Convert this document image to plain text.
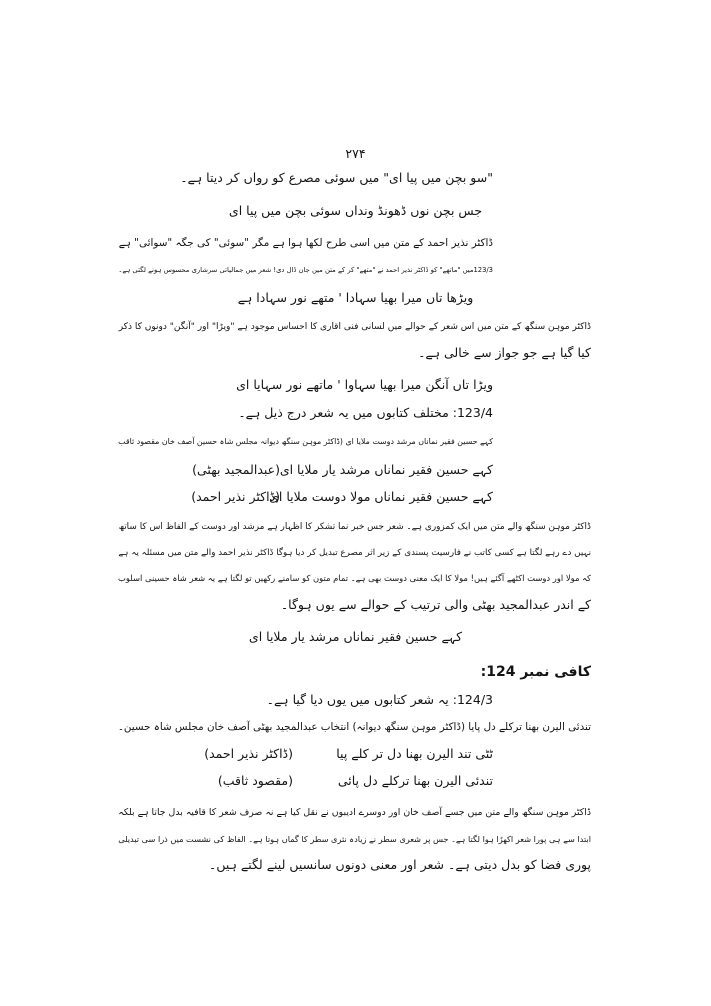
۲۷۴
"سو بچن میں پیا ای" میں سوئی مصرع کو رواں کر دیتا ہے۔
جس بچن نوں ڈھونڈ ونداں سوئی بچن میں پیا ای
ڈاکٹر نذیر احمد کے متن میں اسی طرح لکھا ہوا ہے مگر "سوئی" کی جگہ "سوائی" ہے
123/3میں "ماتھے" کو ڈاکٹر نذیر احمد نے "متھے" کر کے متن میں جان ڈال دی! شعر میں جمالیاتی سرشاری محسوس ہونے لگتی ہے۔
ویڑھا تاں میرا بھیا سہادا ' متھے نور سہادا ہے
ڈاکٹر موہن سنگھ کے متن میں اس شعر کے حوالے میں لسانی فنی اقاری کا احساس موجود ہے "ویڑا" اور "آنگن" دونوں کا ذکر
کیا گیا ہے جو جواز سے خالی ہے۔
ویڑا تاں آنگن میرا بھیا سہاوا ' ماتھے نور سہایا ای
123/4: مختلف کتابوں میں یہ شعر درج ذیل ہے۔
کہے حسین فقیر نماناں مرشد دوست ملایا ای (ڈاکٹر موہن سنگھ دیوانہ مجلس شاہ حسین آصف خان مقصود ثاقب
کہے حسین فقیر نماناں مرشد یار ملایا ای
(عبدالمجید بھٹی)
کہے حسین فقیر نماناں مولا دوست ملایا ای
(ڈاکٹر نذیر احمد)
ڈاکٹر موہن سنگھ والے متن میں ایک کمزوری ہے۔ شعر جس خبر نما تشکر کا اظہار ہے مرشد اور دوست کے الفاظ اس کا ساتھ
نہیں دے رہے لگتا ہے کسی کاتب نے فارسیت پسندی کے زیر اثر مصرع تبدیل کر دیا ہوگا ڈاکٹر نذیر احمد والے متن میں مسئلہ یہ ہے
کہ مولا اور دوست اکٹھے آگئے ہیں! مولا کا ایک معنی دوست بھی ہے۔ تمام متون کو سامنے رکھیں تو لگتا ہے یہ شعر شاہ حسینی اسلوب
کے اندر عبدالمجید بھٹی والی ترتیب کے حوالے سے یوں ہوگا۔
کہے حسین فقیر نماناں مرشد یار ملایا ای
کافی نمبر 124:
124/3: یہ شعر کتابوں میں یوں دیا گیا ہے۔
تندئی الیرن بھنا ترکلے دل پایا (ڈاکٹر موہن سنگھ دیوانہ) انتخاب عبدالمجید بھٹی آصف خان مجلس شاہ حسین۔
ٹٹی تند الیرن بھنا دل تر کلے پیا
(ڈاکٹر نذیر احمد)
تندئی الیرن بھنا ترکلے دل پائی
(مقصود ثاقب)
ڈاکٹر موہن سنگھ والے متن میں جسے آصف خان اور دوسرے ادیبوں نے نقل کیا ہے نہ صرف شعر کا قافیہ بدل جاتا ہے بلکہ
ابتدا سے ہی پورا شعر اکھڑا ہوا لگتا ہے۔ جس پر شعری سطر نے زیادہ نثری سطر کا گماں ہوتا ہے۔ الفاظ کی نشست میں ذرا سی تبدیلی
پوری فضا کو بدل دیتی ہے۔ شعر اور معنی دونوں سانسیں لینے لگتے ہیں۔
